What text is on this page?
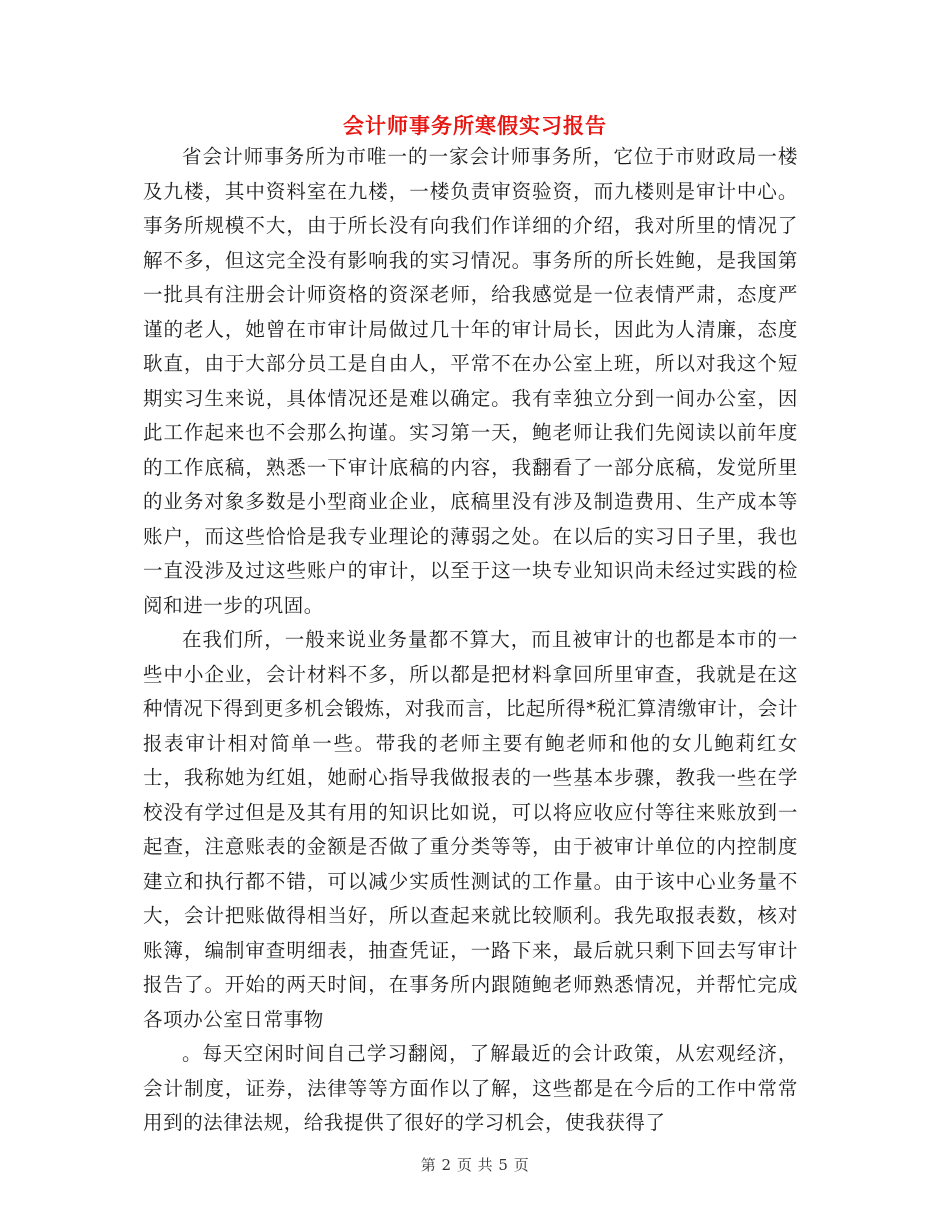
会计师事务所寒假实习报告

省会计师事务所为市唯一的一家会计师事务所，它位于市财政局一楼及九楼，其中资料室在九楼，一楼负责审资验资，而九楼则是审计中心。事务所规模不大，由于所长没有向我们作详细的介绍，我对所里的情况了解不多，但这完全没有影响我的实习情况。事务所的所长姓鲍，是我国第一批具有注册会计师资格的资深老师，给我感觉是一位表情严肃，态度严谨的老人，她曾在市审计局做过几十年的审计局长，因此为人清廉，态度耿直，由于大部分员工是自由人，平常不在办公室上班，所以对我这个短期实习生来说，具体情况还是难以确定。我有幸独立分到一间办公室，因此工作起来也不会那么拘谨。实习第一天，鲍老师让我们先阅读以前年度的工作底稿，熟悉一下审计底稿的内容，我翻看了一部分底稿，发觉所里的业务对象多数是小型商业企业，底稿里没有涉及制造费用、生产成本等账户，而这些恰恰是我专业理论的薄弱之处。在以后的实习日子里，我也一直没涉及过这些账户的审计，以至于这一块专业知识尚未经过实践的检阅和进一步的巩固。

在我们所，一般来说业务量都不算大，而且被审计的也都是本市的一些中小企业，会计材料不多，所以都是把材料拿回所里审查，我就是在这种情况下得到更多机会锻炼，对我而言，比起所得*税汇算清缴审计，会计报表审计相对简单一些。带我的老师主要有鲍老师和他的女儿鲍莉红女士，我称她为红姐，她耐心指导我做报表的一些基本步骤，教我一些在学校没有学过但是及其有用的知识比如说，可以将应收应付等往来账放到一起查，注意账表的金额是否做了重分类等等，由于被审计单位的内控制度建立和执行都不错，可以减少实质性测试的工作量。由于该中心业务量不大，会计把账做得相当好，所以查起来就比较顺利。我先取报表数，核对账簿，编制审查明细表，抽查凭证，一路下来，最后就只剩下回去写审计报告了。开始的两天时间，在事务所内跟随鲍老师熟悉情况，并帮忙完成各项办公室日常事物

。每天空闲时间自己学习翻阅，了解最近的会计政策，从宏观经济，会计制度，证券，法律等等方面作以了解，这些都是在今后的工作中常常用到的法律法规，给我提供了很好的学习机会，使我获得了

第 2 页 共 5 页
